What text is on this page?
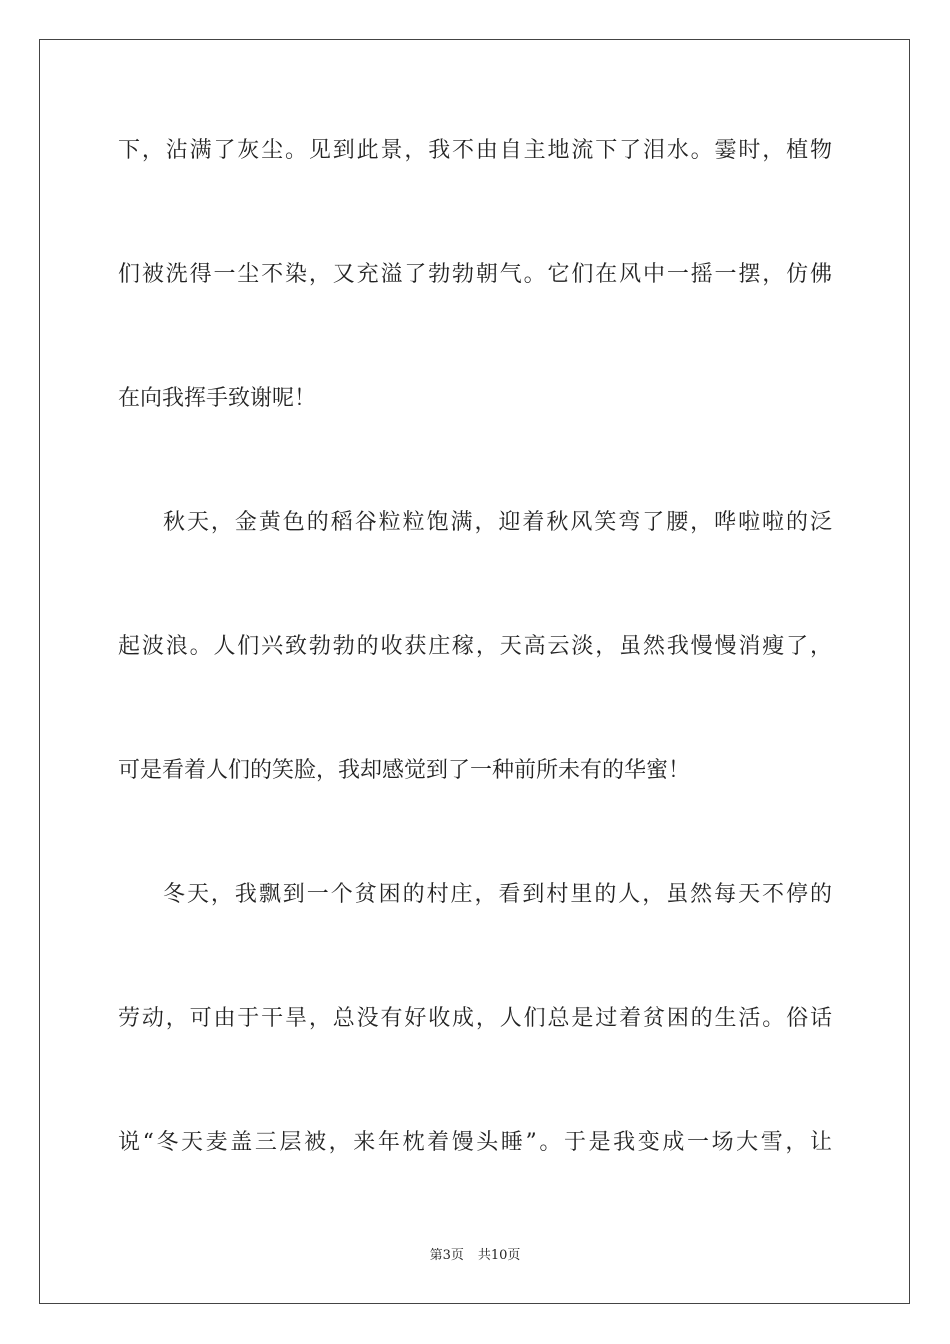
下，沾满了灰尘。见到此景，我不由自主地流下了泪水。霎时，植物
们被洗得一尘不染，又充溢了勃勃朝气。它们在风中一摇一摆，仿佛
在向我挥手致谢呢！
秋天，金黄色的稻谷粒粒饱满，迎着秋风笑弯了腰，哗啦啦的泛
起波浪。人们兴致勃勃的收获庄稼，天高云淡，虽然我慢慢消瘦了，
可是看着人们的笑脸，我却感觉到了一种前所未有的华蜜！
冬天，我飘到一个贫困的村庄，看到村里的人，虽然每天不停的
劳动，可由于干旱，总没有好收成，人们总是过着贫困的生活。俗话
说“冬天麦盖三层被，来年枕着馒头睡”。于是我变成一场大雪，让
第3页 共10页
